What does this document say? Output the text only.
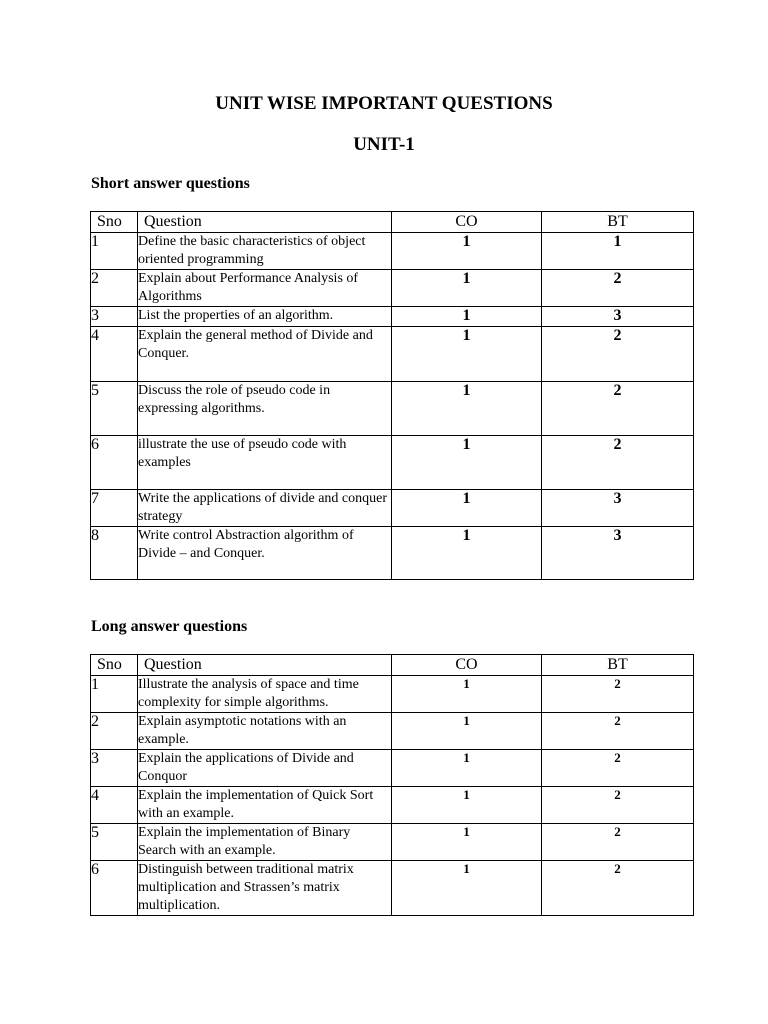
UNIT WISE IMPORTANT QUESTIONS
UNIT-1
Short answer questions
Sno	Question	CO	BT
1	Define the basic characteristics of object oriented programming	1	1
2	Explain about Performance Analysis of Algorithms	1	2
3	List the properties of an algorithm.	1	3
4	Explain the general method of Divide and Conquer.	1	2
5	Discuss the role of pseudo code in expressing algorithms.	1	2
6	illustrate the use of pseudo code with examples	1	2
7	Write the applications of divide and conquer strategy	1	3
8	Write control Abstraction algorithm of Divide – and Conquer.	1	3
Long answer questions
Sno	Question	CO	BT
1	Illustrate the analysis of space and time complexity for simple algorithms.	1	2
2	Explain asymptotic notations with an example.	1	2
3	Explain the applications of Divide and Conquor	1	2
4	Explain the implementation of Quick Sort with an example.	1	2
5	Explain the implementation of Binary Search with an example.	1	2
6	Distinguish between traditional matrix multiplication and Strassen’s matrix multiplication.	1	2
